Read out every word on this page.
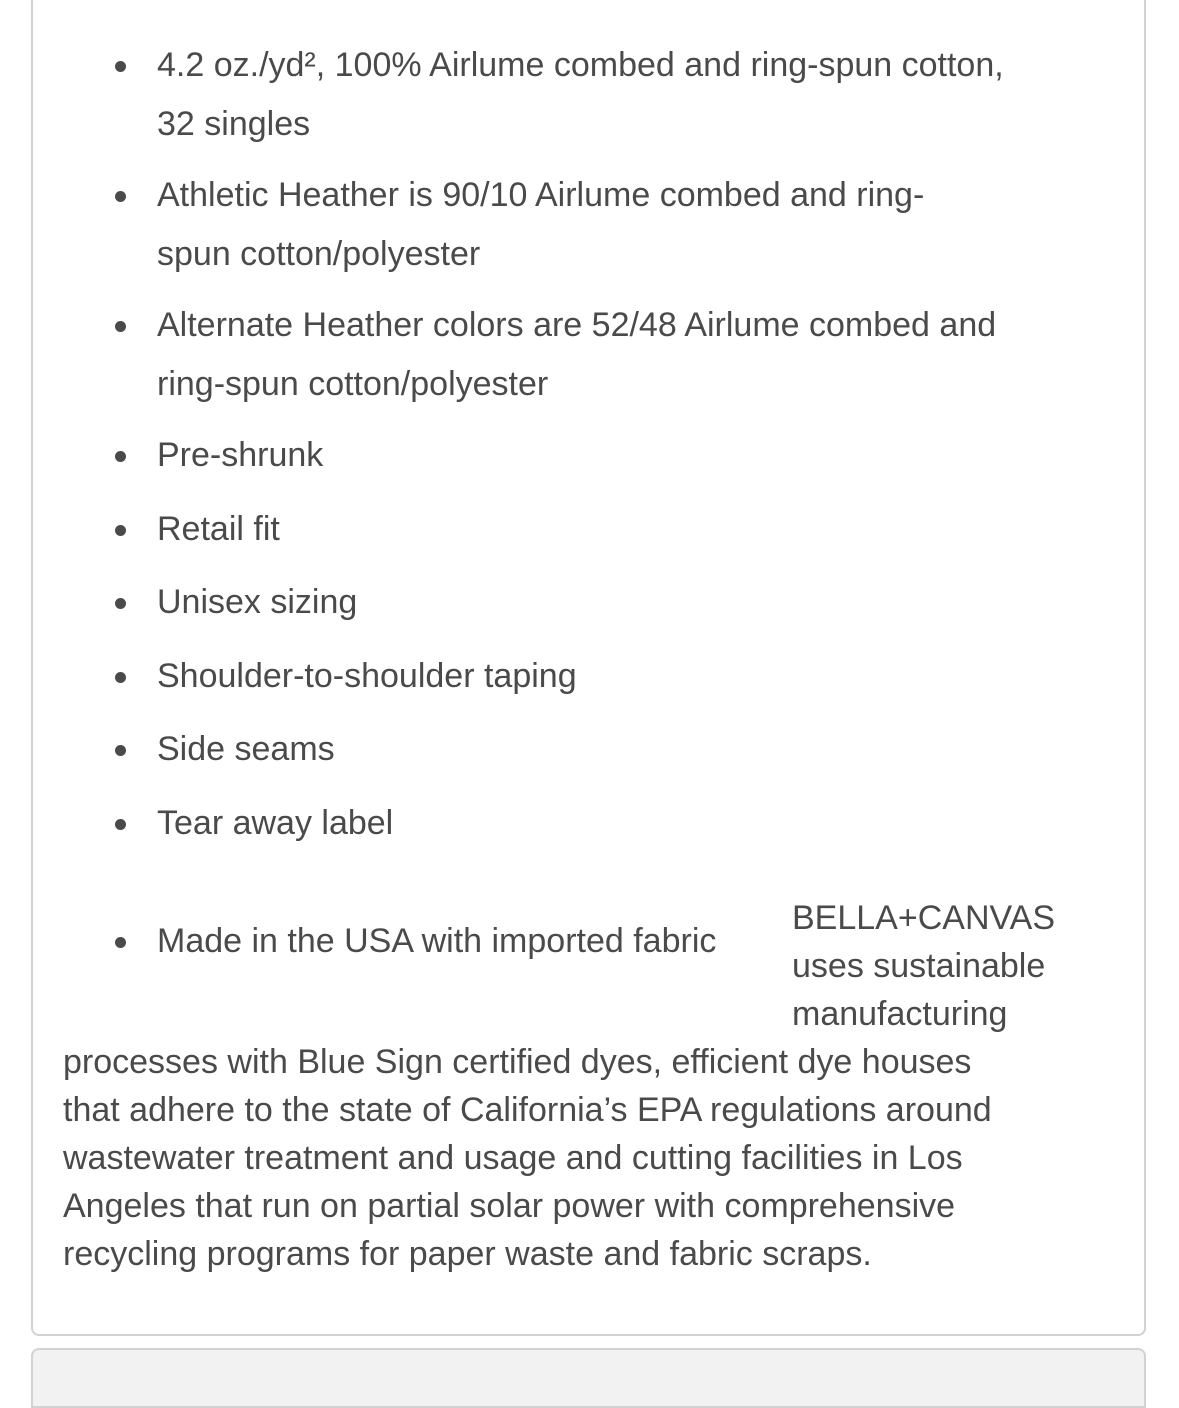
4.2 oz./yd², 100% Airlume combed and ring-spun cotton,
32 singles
Athletic Heather is 90/10 Airlume combed and ring-
spun cotton/polyester
Alternate Heather colors are 52/48 Airlume combed and
ring-spun cotton/polyester
Pre-shrunk
Retail fit
Unisex sizing
Shoulder-to-shoulder taping
Side seams
Tear away label
Made in the USA with imported fabric
BELLA+CANVAS
uses sustainable
manufacturing
processes with Blue Sign certified dyes, efficient dye houses
that adhere to the state of California’s EPA regulations around
wastewater treatment and usage and cutting facilities in Los
Angeles that run on partial solar power with comprehensive
recycling programs for paper waste and fabric scraps.
